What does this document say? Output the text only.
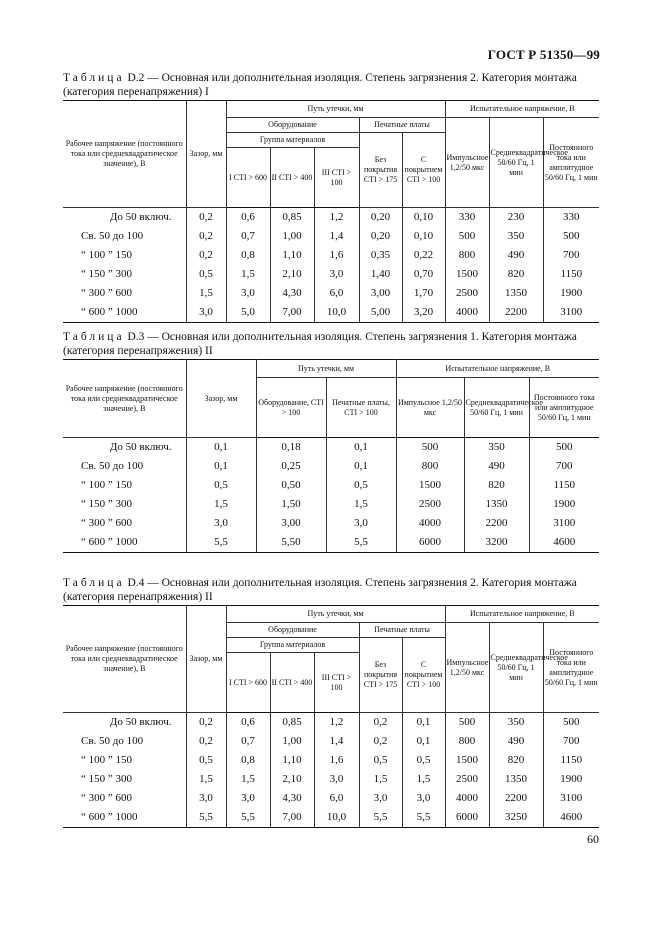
ГОСТ Р 51350—99
Таблица D.2 — Основная или дополнительная изоляция. Степень загрязнения 2. Категория монтажа (категория перенапряжения) I
Рабочее напряжение (постоянного тока или среднеквадратическое значение), В	Зазор, мм	Путь утечки, мм					Испытательное напряжение, В		
		Оборудование			Печатные платы		Импульсное 1,2/50 мкс	Среднеквадратическое 50/60 Гц, 1 мин	Постоянного тока или амплитудное 50/60 Гц, 1 мин
		Группа материалов			Без покрытия CTI > 175	С покрытием CTI > 100			
		I CTI > 600	II CTI > 400	III CTI > 100					
До 50 включ.	0,2	0,6	0,85	1,2	0,20	0,10	330	230	330
Св. 50 до 100	0,2	0,7	1,00	1,4	0,20	0,10	500	350	500
“ 100 ” 150	0,2	0,8	1,10	1,6	0,35	0,22	800	490	700
“ 150 ” 300	0,5	1,5	2,10	3,0	1,40	0,70	1500	820	1150
“ 300 ” 600	1,5	3,0	4,30	6,0	3,00	1,70	2500	1350	1900
“ 600 ” 1000	3,0	5,0	7,00	10,0	5,00	3,20	4000	2200	3100
Таблица D.3 — Основная или дополнительная изоляция. Степень загрязнения 1. Категория монтажа (категория перенапряжения) II
Рабочее напряжение (постоянного тока или среднеквадратическое значение), В	Зазор, мм	Путь утечки, мм		Испытательное напряжение, В		
		Оборудование, CTI > 100	Печатные платы, CTI > 100	Импульсное 1,2/50 мкс	Среднеквадратическое 50/60 Гц, 1 мин	Постоянного тока или амплитудное 50/60 Гц, 1 мин
До 50 включ.	0,1	0,18	0,1	500	350	500
Св. 50 до 100	0,1	0,25	0,1	800	490	700
“ 100 ” 150	0,5	0,50	0,5	1500	820	1150
“ 150 ” 300	1,5	1,50	1,5	2500	1350	1900
“ 300 ” 600	3,0	3,00	3,0	4000	2200	3100
“ 600 ” 1000	5,5	5,50	5,5	6000	3200	4600
Таблица D.4 — Основная или дополнительная изоляция. Степень загрязнения 2. Категория монтажа (категория перенапряжения) II
Рабочее напряжение (постоянного тока или среднеквадратическое значение), В	Зазор, мм	Путь утечки, мм					Испытательное напряжение, В		
		Оборудование			Печатные платы		Импульсное 1,2/50 мкс	Среднеквадратическое 50/60 Гц, 1 мин	Постоянного тока или амплитудное 50/60 Гц, 1 мин
		Группа материалов			Без покрытия CTI > 175	С покрытием CTI > 100			
		I CTI > 600	II CTI > 400	III CTI > 100					
До 50 включ.	0,2	0,6	0,85	1,2	0,2	0,1	500	350	500
Св. 50 до 100	0,2	0,7	1,00	1,4	0,2	0,1	800	490	700
“ 100 ” 150	0,5	0,8	1,10	1,6	0,5	0,5	1500	820	1150
“ 150 ” 300	1,5	1,5	2,10	3,0	1,5	1,5	2500	1350	1900
“ 300 ” 600	3,0	3,0	4,30	6,0	3,0	3,0	4000	2200	3100
“ 600 ” 1000	5,5	5,5	7,00	10,0	5,5	5,5	6000	3250	4600
60
